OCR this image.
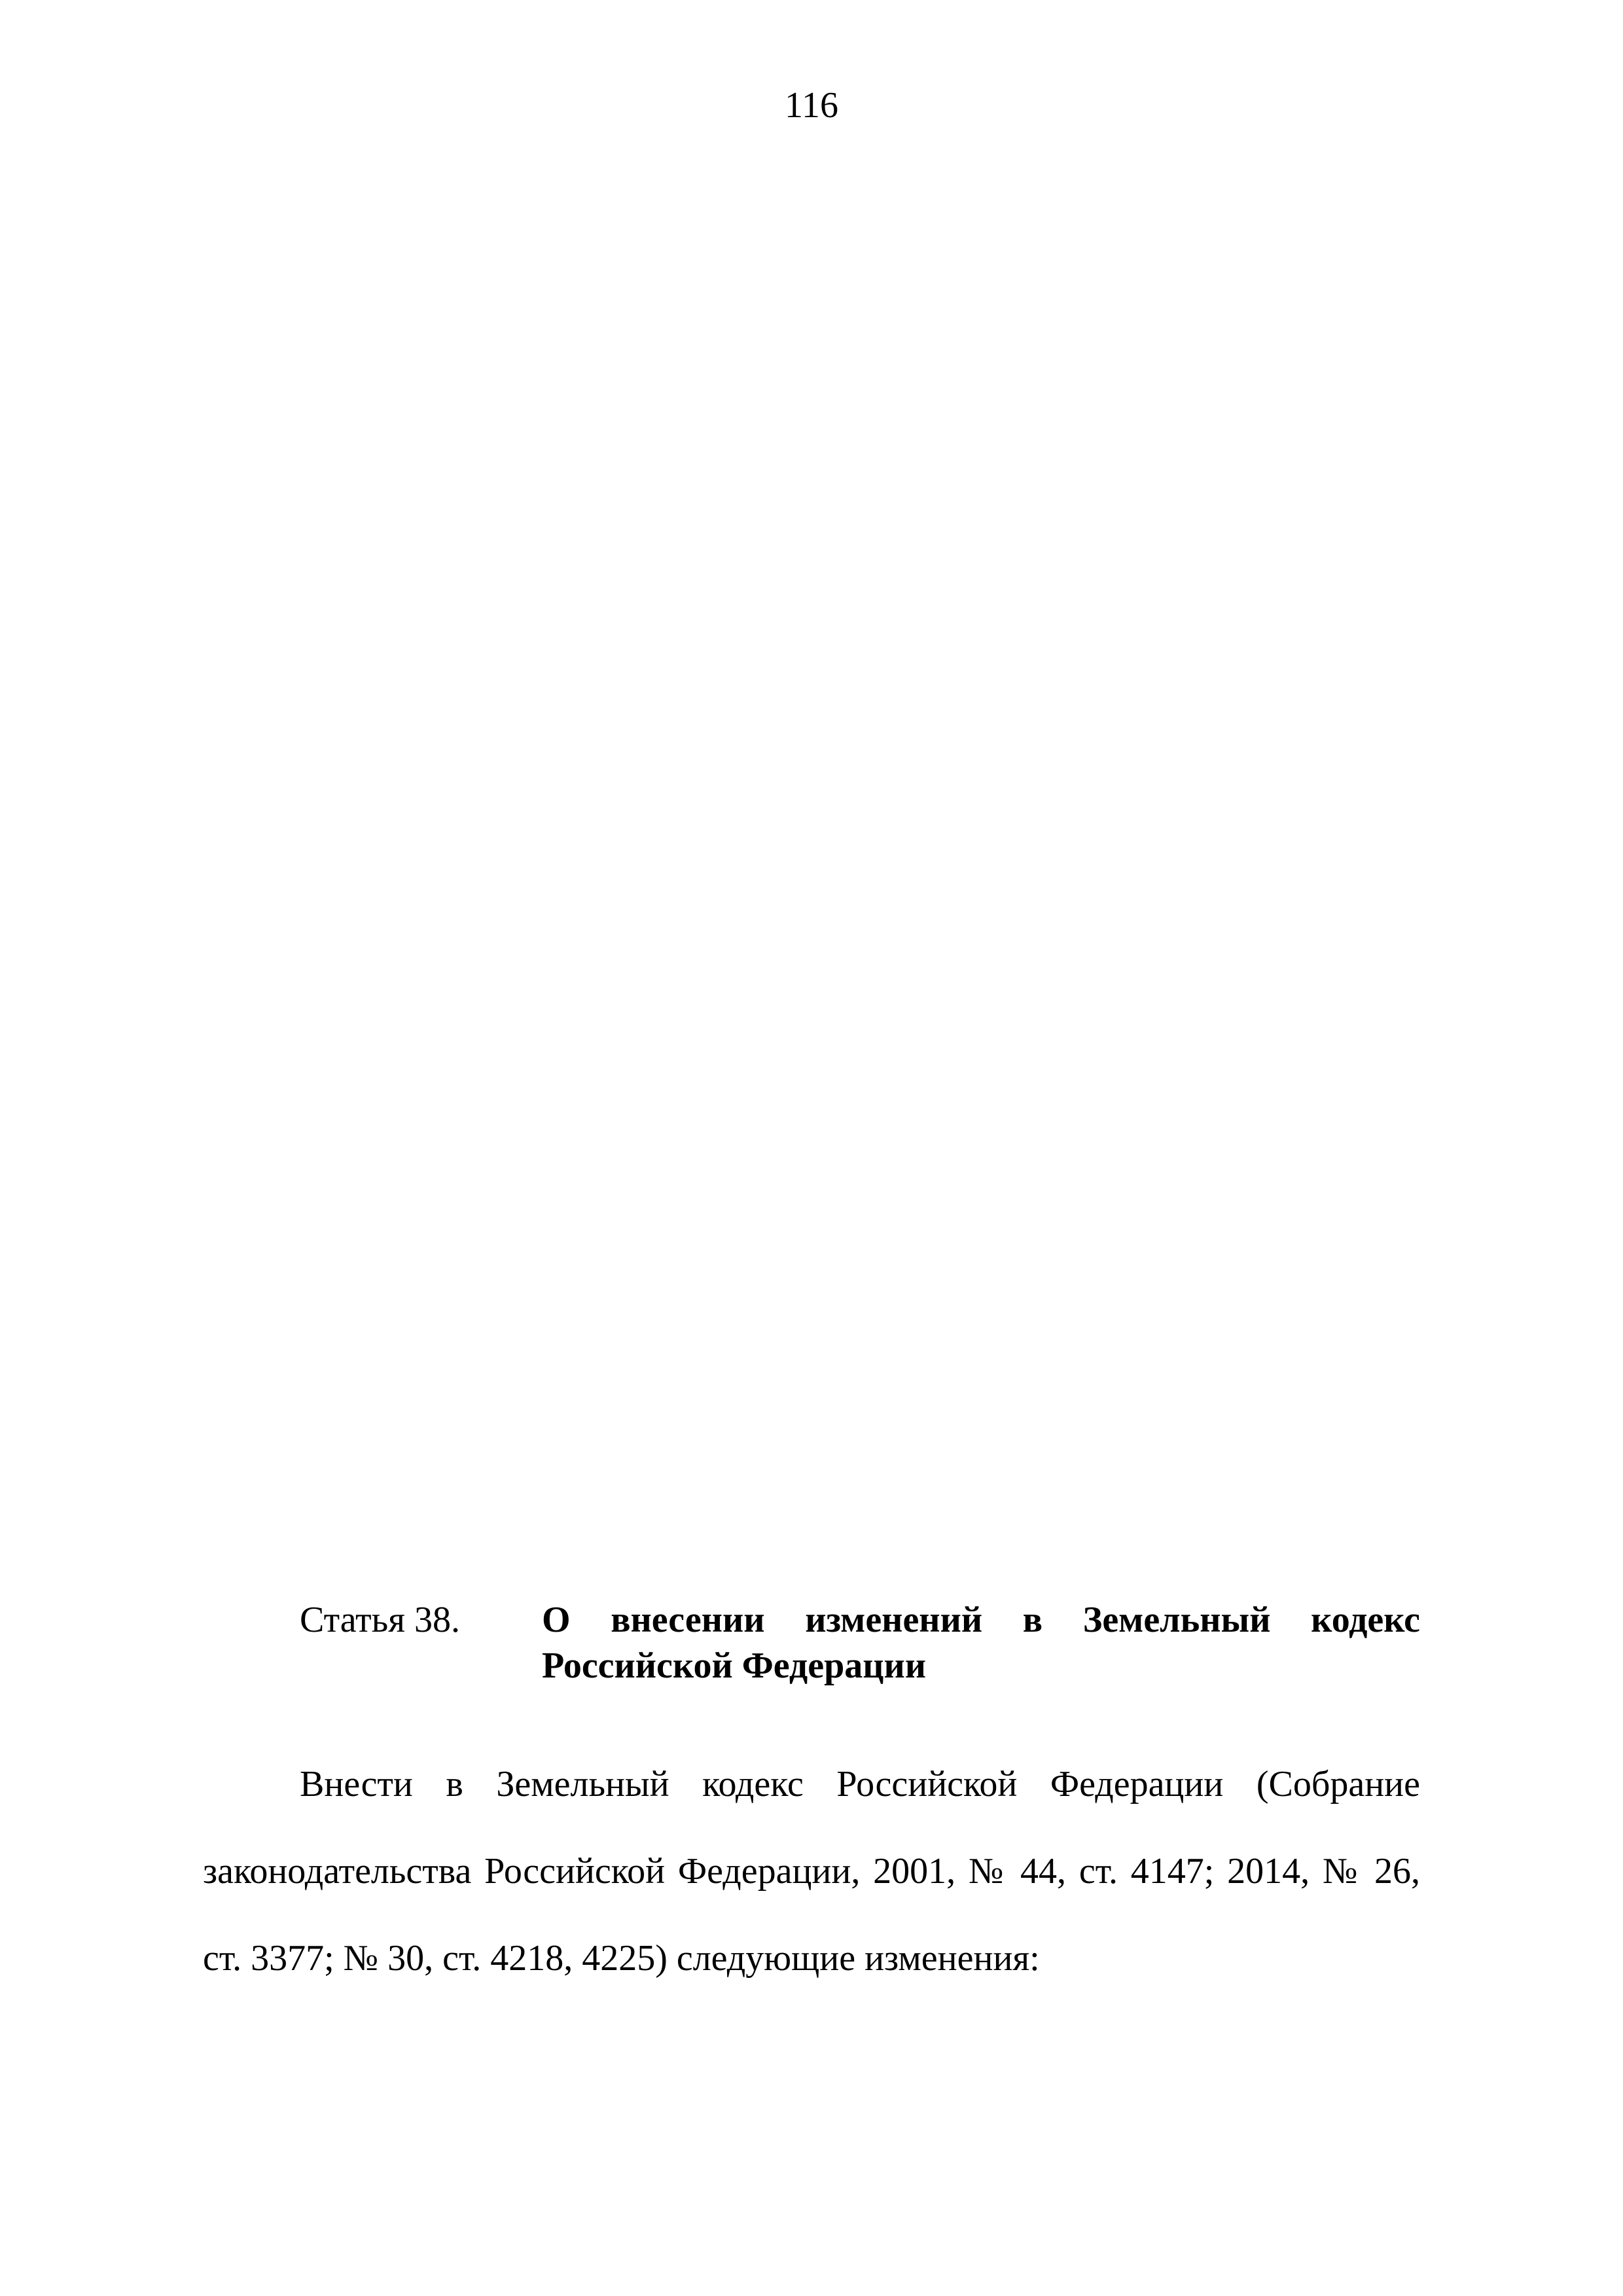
116
Статья 38.	О внесении изменений в Земельный кодекс
Российской Федерации
Внести в Земельный кодекс Российской Федерации (Собрание
законодательства Российской Федерации, 2001, № 44, ст. 4147; 2014, № 26,
ст. 3377; № 30, ст. 4218, 4225) следующие изменения:
